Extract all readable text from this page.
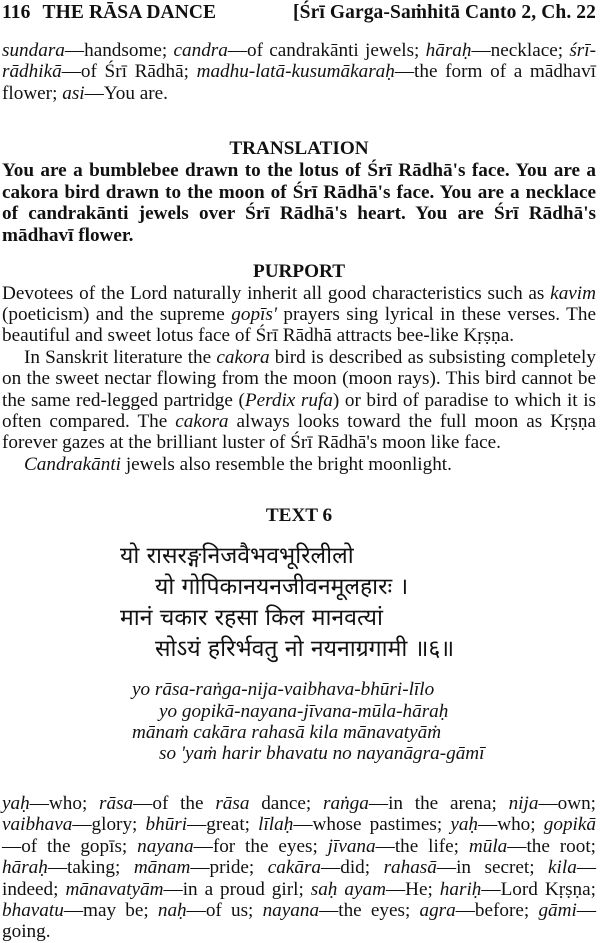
116 THE RĀSA DANCE	[Śrī Garga-Saṁhitā Canto 2, Ch. 22

sundara—handsome; candra—of candrakānti jewels; hāraḥ—necklace; śrī-rādhikā—of Śrī Rādhā; madhu-latā-kusumākaraḥ—the form of a mādhavī flower; asi—You are.

TRANSLATION

You are a bumblebee drawn to the lotus of Śrī Rādhā's face. You are a cakora bird drawn to the moon of Śrī Rādhā's face. You are a necklace of candrakānti jewels over Śrī Rādhā's heart. You are Śrī Rādhā's mādhavī flower.

PURPORT

Devotees of the Lord naturally inherit all good characteristics such as kavim (poeticism) and the supreme gopīs' prayers sing lyrical in these verses. The beautiful and sweet lotus face of Śrī Rādhā attracts bee-like Kṛṣṇa.

In Sanskrit literature the cakora bird is described as subsisting completely on the sweet nectar flowing from the moon (moon rays). This bird cannot be the same red-legged partridge (Perdix rufa) or bird of paradise to which it is often compared. The cakora always looks toward the full moon as Kṛṣṇa forever gazes at the brilliant luster of Śrī Rādhā's moon like face.

Candrakānti jewels also resemble the bright moonlight.

TEXT 6
यो रासरङ्गनिजवैभवभूरिलीलो
यो गोपिकानयनजीवनमूलहारः ।
मानं चकार रहसा किल मानवत्यां
सोऽयं हरिर्भवतु नो नयनाग्रगामी ॥६॥
yo rāsa-raṅga-nija-vaibhava-bhūri-līlo
yo gopikā-nayana-jīvana-mūla-hāraḥ
mānaṁ cakāra rahasā kila mānavatyāṁ
so 'yaṁ harir bhavatu no nayanāgra-gāmī

yaḥ—who; rāsa—of the rāsa dance; raṅga—in the arena; nija—own; vaibhava—glory; bhūri—great; līlaḥ—whose pastimes; yaḥ—who; gopikā—of the gopīs; nayana—for the eyes; jīvana—the life; mūla—the root; hāraḥ—taking; mānam—pride; cakāra—did; rahasā—in secret; kila—indeed; mānavatyām—in a proud girl; saḥ ayam—He; hariḥ—Lord Kṛṣṇa; bhavatu—may be; naḥ—of us; nayana—the eyes; agra—before; gāmi—going.
